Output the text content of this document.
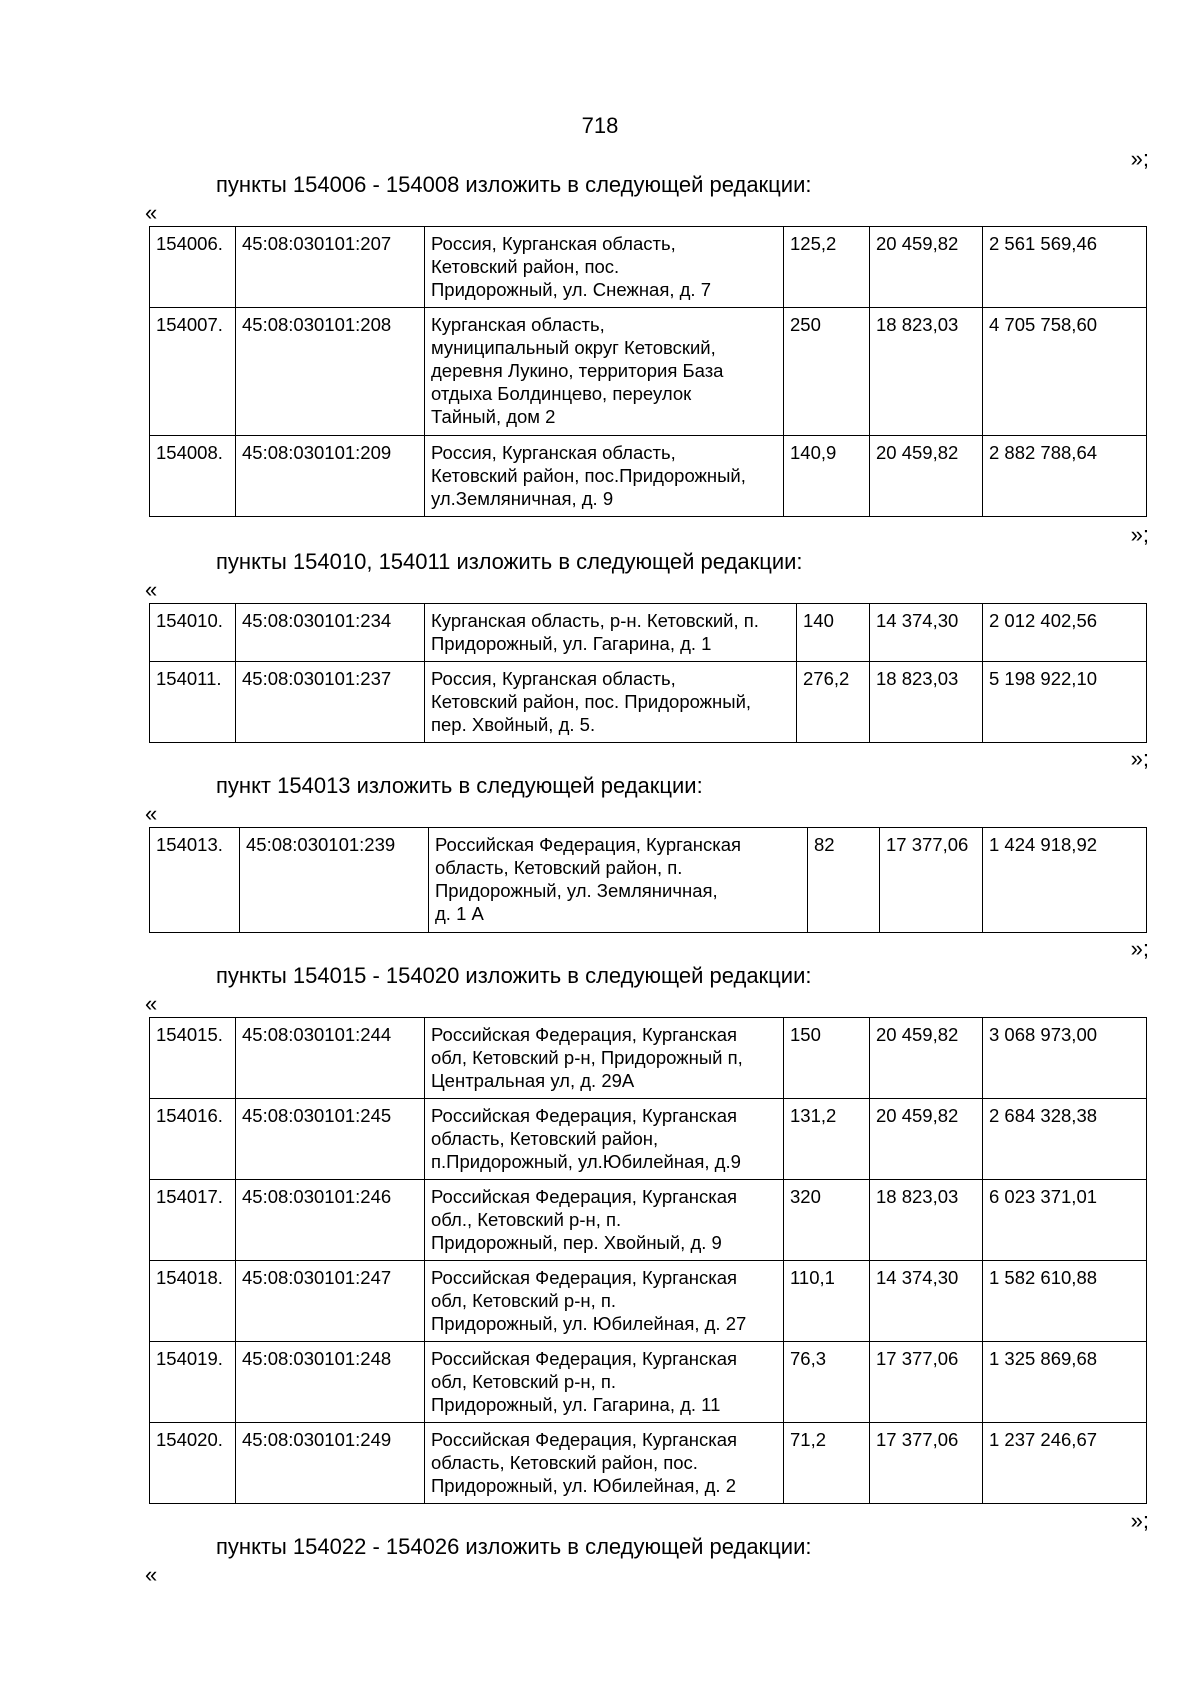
718
»;
пункты 154006 - 154008 изложить в следующей редакции:
«
154006.	45:08:030101:207	Россия, Курганская область,
Кетовский район, пос.
Придорожный, ул. Снежная, д. 7	125,2	20 459,82	2 561 569,46
154007.	45:08:030101:208	Курганская область,
муниципальный округ Кетовский,
деревня Лукино, территория База
отдыха Болдинцево, переулок
Тайный, дом 2	250	18 823,03	4 705 758,60
154008.	45:08:030101:209	Россия, Курганская область,
Кетовский район, пос.Придорожный,
ул.Земляничная, д. 9	140,9	20 459,82	2 882 788,64
»;
пункты 154010, 154011 изложить в следующей редакции:
«
154010.	45:08:030101:234	Курганская область, р-н. Кетовский, п.
Придорожный, ул. Гагарина, д. 1	140	14 374,30	2 012 402,56
154011.	45:08:030101:237	Россия, Курганская область,
Кетовский район, пос. Придорожный,
пер. Хвойный, д. 5.	276,2	18 823,03	5 198 922,10
»;
пункт 154013 изложить в следующей редакции:
«
154013.	45:08:030101:239	Российская Федерация, Курганская
область, Кетовский район, п.
Придорожный, ул. Земляничная,
д. 1 А	82	17 377,06	1 424 918,92
»;
пункты 154015 - 154020 изложить в следующей редакции:
«
154015.	45:08:030101:244	Российская Федерация, Курганская
обл, Кетовский р-н, Придорожный п,
Центральная ул, д. 29А	150	20 459,82	3 068 973,00
154016.	45:08:030101:245	Российская Федерация, Курганская
область, Кетовский район,
п.Придорожный, ул.Юбилейная, д.9	131,2	20 459,82	2 684 328,38
154017.	45:08:030101:246	Российская Федерация, Курганская
обл., Кетовский р-н, п.
Придорожный, пер. Хвойный, д. 9	320	18 823,03	6 023 371,01
154018.	45:08:030101:247	Российская Федерация, Курганская
обл, Кетовский р-н, п.
Придорожный, ул. Юбилейная, д. 27	110,1	14 374,30	1 582 610,88
154019.	45:08:030101:248	Российская Федерация, Курганская
обл, Кетовский р-н, п.
Придорожный, ул. Гагарина, д. 11	76,3	17 377,06	1 325 869,68
154020.	45:08:030101:249	Российская Федерация, Курганская
область, Кетовский район, пос.
Придорожный, ул. Юбилейная, д. 2	71,2	17 377,06	1 237 246,67
»;
пункты 154022 - 154026 изложить в следующей редакции:
«
